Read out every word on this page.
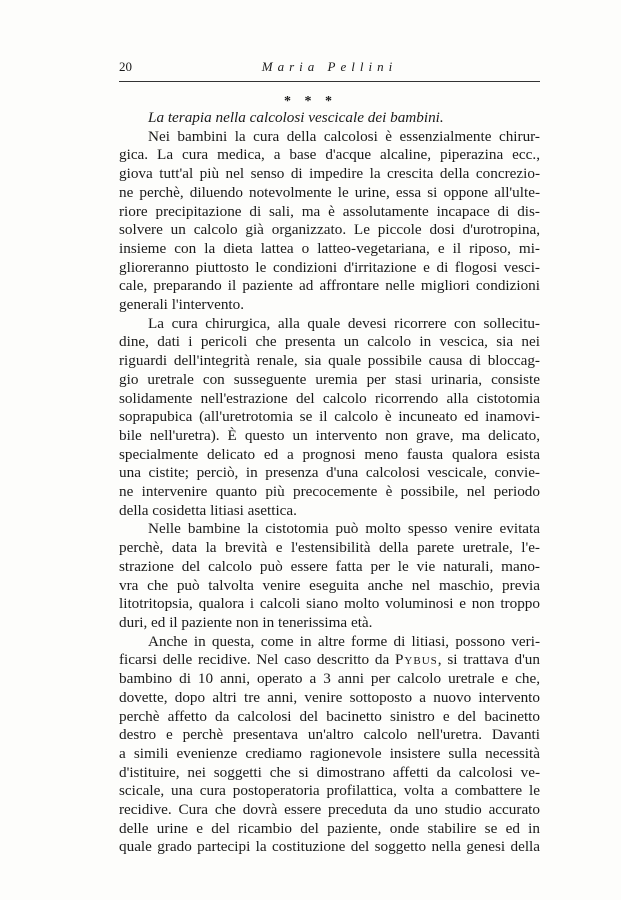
20	Maria Pellini
* * *
La terapia nella calcolosi vescicale dei bambini.
Nei bambini la cura della calcolosi è essenzialmente chirur-
gica. La cura medica, a base d'acque alcaline, piperazina ecc.,
giova tutt'al più nel senso di impedire la crescita della concrezio-
ne perchè, diluendo notevolmente le urine, essa si oppone all'ulte-
riore precipitazione di sali, ma è assolutamente incapace di dis-
solvere un calcolo già organizzato. Le piccole dosi d'urotropina,
insieme con la dieta lattea o latteo-vegetariana, e il riposo, mi-
glioreranno piuttosto le condizioni d'irritazione e di flogosi vesci-
cale, preparando il paziente ad affrontare nelle migliori condizioni
generali l'intervento.
La cura chirurgica, alla quale devesi ricorrere con sollecitu-
dine, dati i pericoli che presenta un calcolo in vescica, sia nei
riguardi dell'integrità renale, sia quale possibile causa di bloccag-
gio uretrale con susseguente uremia per stasi urinaria, consiste
solidamente nell'estrazione del calcolo ricorrendo alla cistotomia
soprapubica (all'uretrotomia se il calcolo è incuneato ed inamovi-
bile nell'uretra). È questo un intervento non grave, ma delicato,
specialmente delicato ed a prognosi meno fausta qualora esista
una cistite; perciò, in presenza d'una calcolosi vescicale, convie-
ne intervenire quanto più precocemente è possibile, nel periodo
della cosidetta litiasi asettica.
Nelle bambine la cistotomia può molto spesso venire evitata
perchè, data la brevità e l'estensibilità della parete uretrale, l'e-
strazione del calcolo può essere fatta per le vie naturali, mano-
vra che può talvolta venire eseguita anche nel maschio, previa
litotritopsia, qualora i calcoli siano molto voluminosi e non troppo
duri, ed il paziente non in tenerissima età.
Anche in questa, come in altre forme di litiasi, possono veri-
ficarsi delle recidive. Nel caso descritto da Pybus, si trattava d'un
bambino di 10 anni, operato a 3 anni per calcolo uretrale e che,
dovette, dopo altri tre anni, venire sottoposto a nuovo intervento
perchè affetto da calcolosi del bacinetto sinistro e del bacinetto
destro e perchè presentava un'altro calcolo nell'uretra. Davanti
a simili evenienze crediamo ragionevole insistere sulla necessità
d'istituire, nei soggetti che si dimostrano affetti da calcolosi ve-
scicale, una cura postoperatoria profilattica, volta a combattere le
recidive. Cura che dovrà essere preceduta da uno studio accurato
delle urine e del ricambio del paziente, onde stabilire se ed in
quale grado partecipi la costituzione del soggetto nella genesi della
